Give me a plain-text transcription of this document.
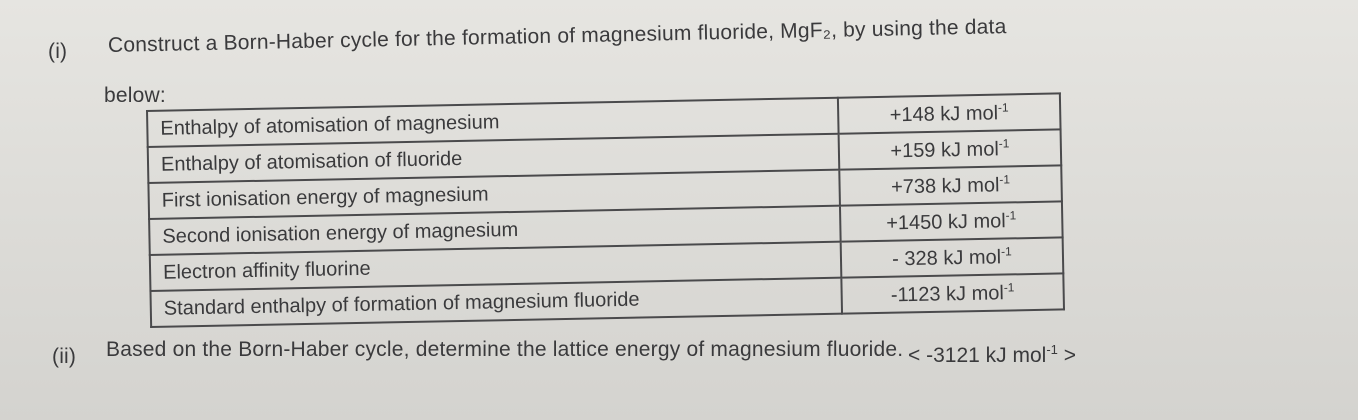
(i) Construct a Born-Haber cycle for the formation of magnesium fluoride, MgF₂, by using the data
below:
Enthalpy of atomisation of magnesium	+148 kJ mol$^{-1}$
Enthalpy of atomisation of fluoride	+159 kJ mol$^{-1}$
First ionisation energy of magnesium	+738 kJ mol$^{-1}$
Second ionisation energy of magnesium	+1450 kJ mol$^{-1}$
Electron affinity fluorine	- 328 kJ mol$^{-1}$
Standard enthalpy of formation of magnesium fluoride	-1123 kJ mol$^{-1}$
(ii) Based on the Born-Haber cycle, determine the lattice energy of magnesium fluoride. < -3121 kJ mol$^{-1}$ >
